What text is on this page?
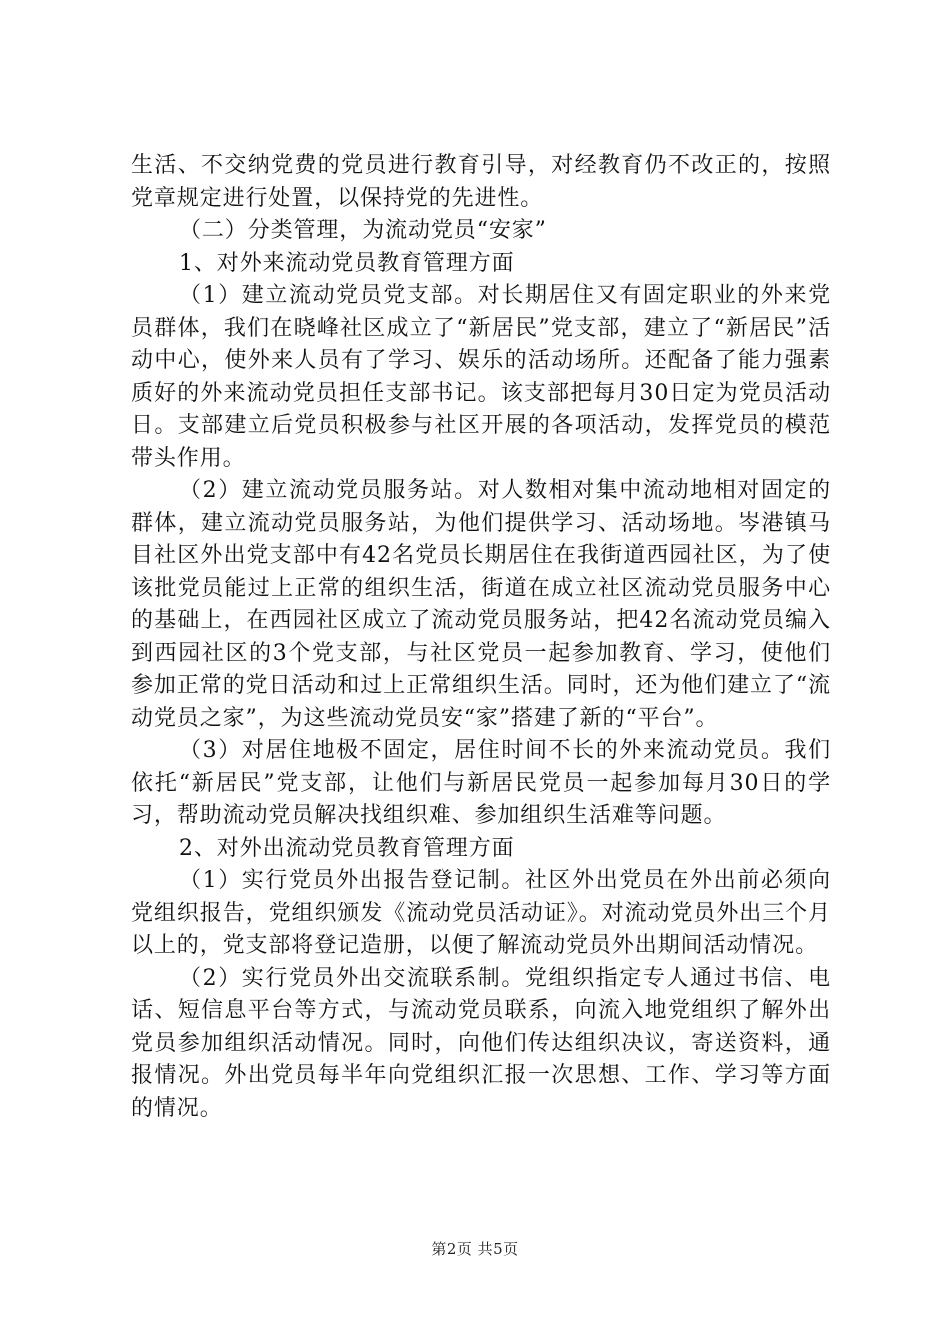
生活、不交纳党费的党员进行教育引导，对经教育仍不改正的，按照党章规定进行处置，以保持党的先进性。

（二）分类管理，为流动党员“安家”

1、对外来流动党员教育管理方面

（1）建立流动党员党支部。对长期居住又有固定职业的外来党员群体，我们在晓峰社区成立了“新居民”党支部，建立了“新居民”活动中心，使外来人员有了学习、娱乐的活动场所。还配备了能力强素质好的外来流动党员担任支部书记。该支部把每月30日定为党员活动日。支部建立后党员积极参与社区开展的各项活动，发挥党员的模范带头作用。

（2）建立流动党员服务站。对人数相对集中流动地相对固定的群体，建立流动党员服务站，为他们提供学习、活动场地。岑港镇马目社区外出党支部中有42名党员长期居住在我街道西园社区，为了使该批党员能过上正常的组织生活，街道在成立社区流动党员服务中心的基础上，在西园社区成立了流动党员服务站，把42名流动党员编入到西园社区的3个党支部，与社区党员一起参加教育、学习，使他们参加正常的党日活动和过上正常组织生活。同时，还为他们建立了“流动党员之家”，为这些流动党员安“家”搭建了新的“平台”。

（3）对居住地极不固定，居住时间不长的外来流动党员。我们依托“新居民”党支部，让他们与新居民党员一起参加每月30日的学习，帮助流动党员解决找组织难、参加组织生活难等问题。

2、对外出流动党员教育管理方面

（1）实行党员外出报告登记制。社区外出党员在外出前必须向党组织报告，党组织颁发《流动党员活动证》。对流动党员外出三个月以上的，党支部将登记造册，以便了解流动党员外出期间活动情况。

（2）实行党员外出交流联系制。党组织指定专人通过书信、电话、短信息平台等方式，与流动党员联系，向流入地党组织了解外出党员参加组织活动情况。同时，向他们传达组织决议，寄送资料，通报情况。外出党员每半年向党组织汇报一次思想、工作、学习等方面的情况。

第2页 共5页
